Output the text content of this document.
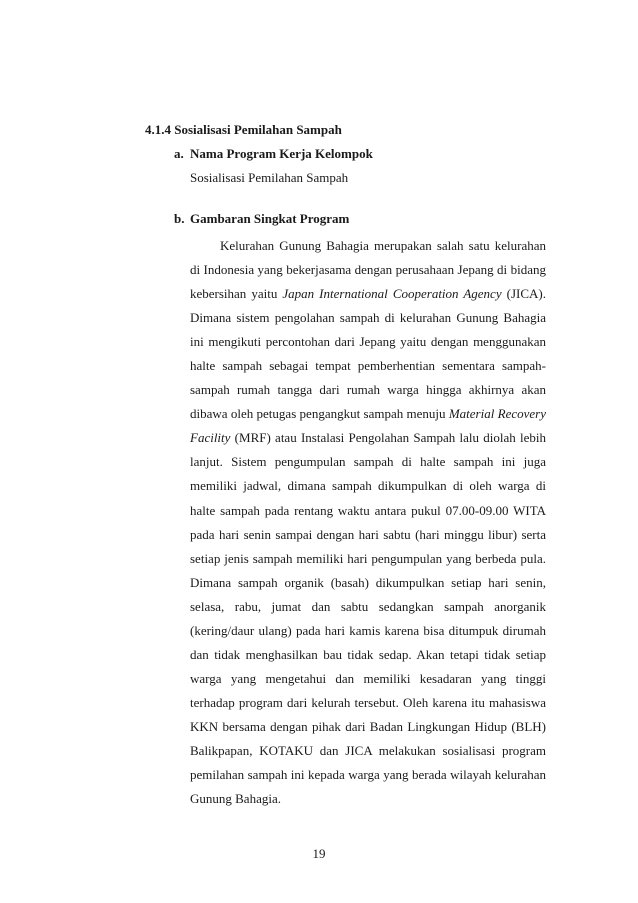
4.1.4 Sosialisasi Pemilahan Sampah
a. Nama Program Kerja Kelompok
Sosialisasi Pemilahan Sampah
b. Gambaran Singkat Program

Kelurahan Gunung Bahagia merupakan salah satu kelurahan di Indonesia yang bekerjasama dengan perusahaan Jepang di bidang kebersihan yaitu Japan International Cooperation Agency (JICA). Dimana sistem pengolahan sampah di kelurahan Gunung Bahagia ini mengikuti percontohan dari Jepang yaitu dengan menggunakan halte sampah sebagai tempat pemberhentian sementara sampah-sampah rumah tangga dari rumah warga hingga akhirnya akan dibawa oleh petugas pengangkut sampah menuju Material Recovery Facility (MRF) atau Instalasi Pengolahan Sampah lalu diolah lebih lanjut. Sistem pengumpulan sampah di halte sampah ini juga memiliki jadwal, dimana sampah dikumpulkan di oleh warga di halte sampah pada rentang waktu antara pukul 07.00-09.00 WITA pada hari senin sampai dengan hari sabtu (hari minggu libur) serta setiap jenis sampah memiliki hari pengumpulan yang berbeda pula. Dimana sampah organik (basah) dikumpulkan setiap hari senin, selasa, rabu, jumat dan sabtu sedangkan sampah anorganik (kering/daur ulang) pada hari kamis karena bisa ditumpuk dirumah dan tidak menghasilkan bau tidak sedap. Akan tetapi tidak setiap warga yang mengetahui dan memiliki kesadaran yang tinggi terhadap program dari kelurah tersebut. Oleh karena itu mahasiswa KKN bersama dengan pihak dari Badan Lingkungan Hidup (BLH) Balikpapan, KOTAKU dan JICA melakukan sosialisasi program pemilahan sampah ini kepada warga yang berada wilayah kelurahan Gunung Bahagia.

19
